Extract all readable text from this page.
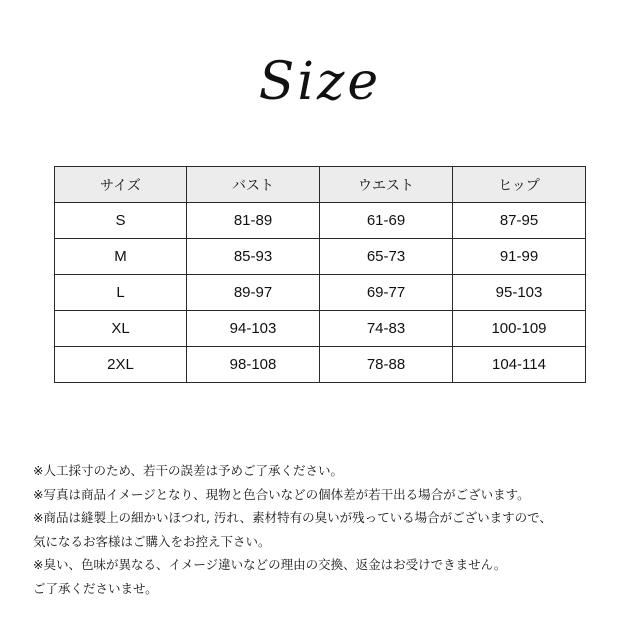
Size
サイズ	バスト	ウエスト	ヒップ
S	81-89	61-69	87-95
M	85-93	65-73	91-99
L	89-97	69-77	95-103
XL	94-103	74-83	100-109
2XL	98-108	78-88	104-114
※人工採寸のため、若干の誤差は予めご了承ください。
※写真は商品イメージとなり、現物と色合いなどの個体差が若干出る場合がございます。
※商品は縫製上の細かいほつれ, 汚れ、素材特有の臭いが残っている場合がございますので、
気になるお客様はご購入をお控え下さい。
※臭い、色味が異なる、イメージ違いなどの理由の交換、返金はお受けできません。
ご了承くださいませ。
